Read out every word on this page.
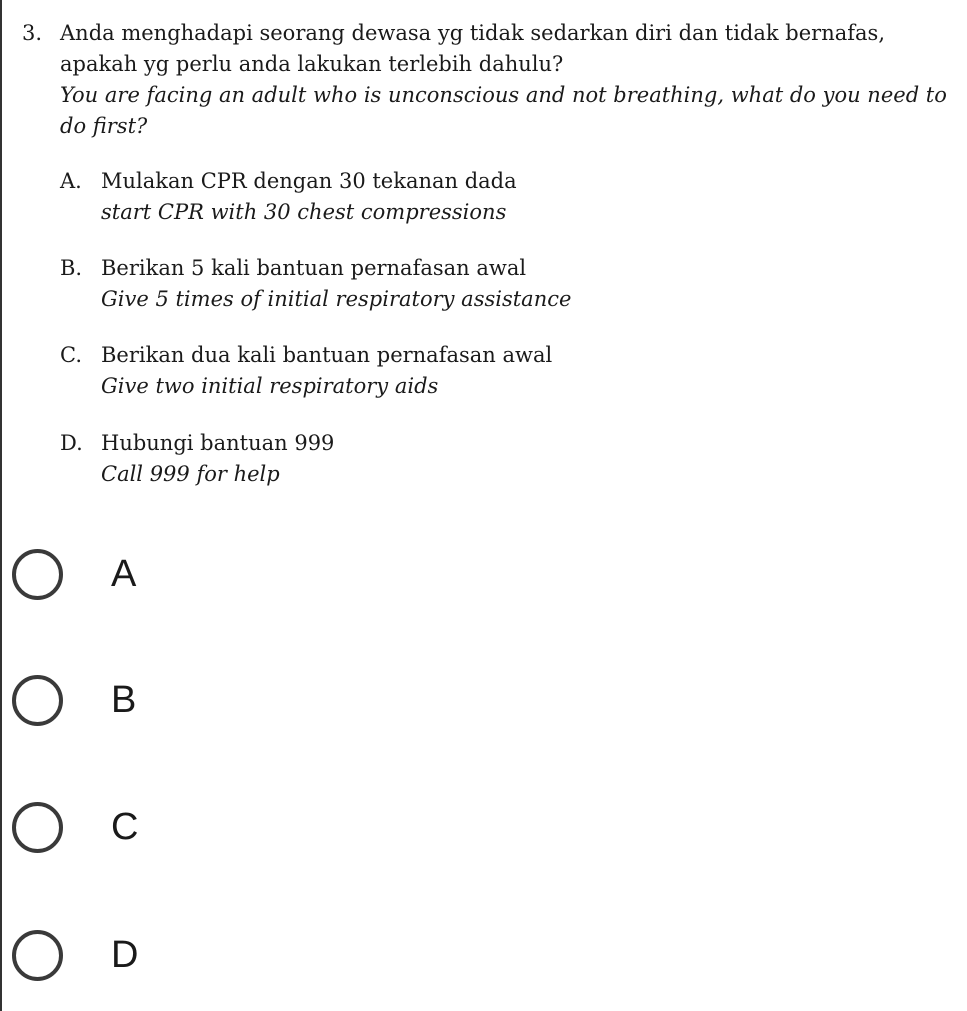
3. Anda menghadapi seorang dewasa yg tidak sedarkan diri dan tidak bernafas, apakah yg perlu anda lakukan terlebih dahulu?
You are facing an adult who is unconscious and not breathing, what do you need to do first?
A. Mulakan CPR dengan 30 tekanan dada
start CPR with 30 chest compressions
B. Berikan 5 kali bantuan pernafasan awal
Give 5 times of initial respiratory assistance
C. Berikan dua kali bantuan pernafasan awal
Give two initial respiratory aids
D. Hubungi bantuan 999
Call 999 for help
A
B
C
D
